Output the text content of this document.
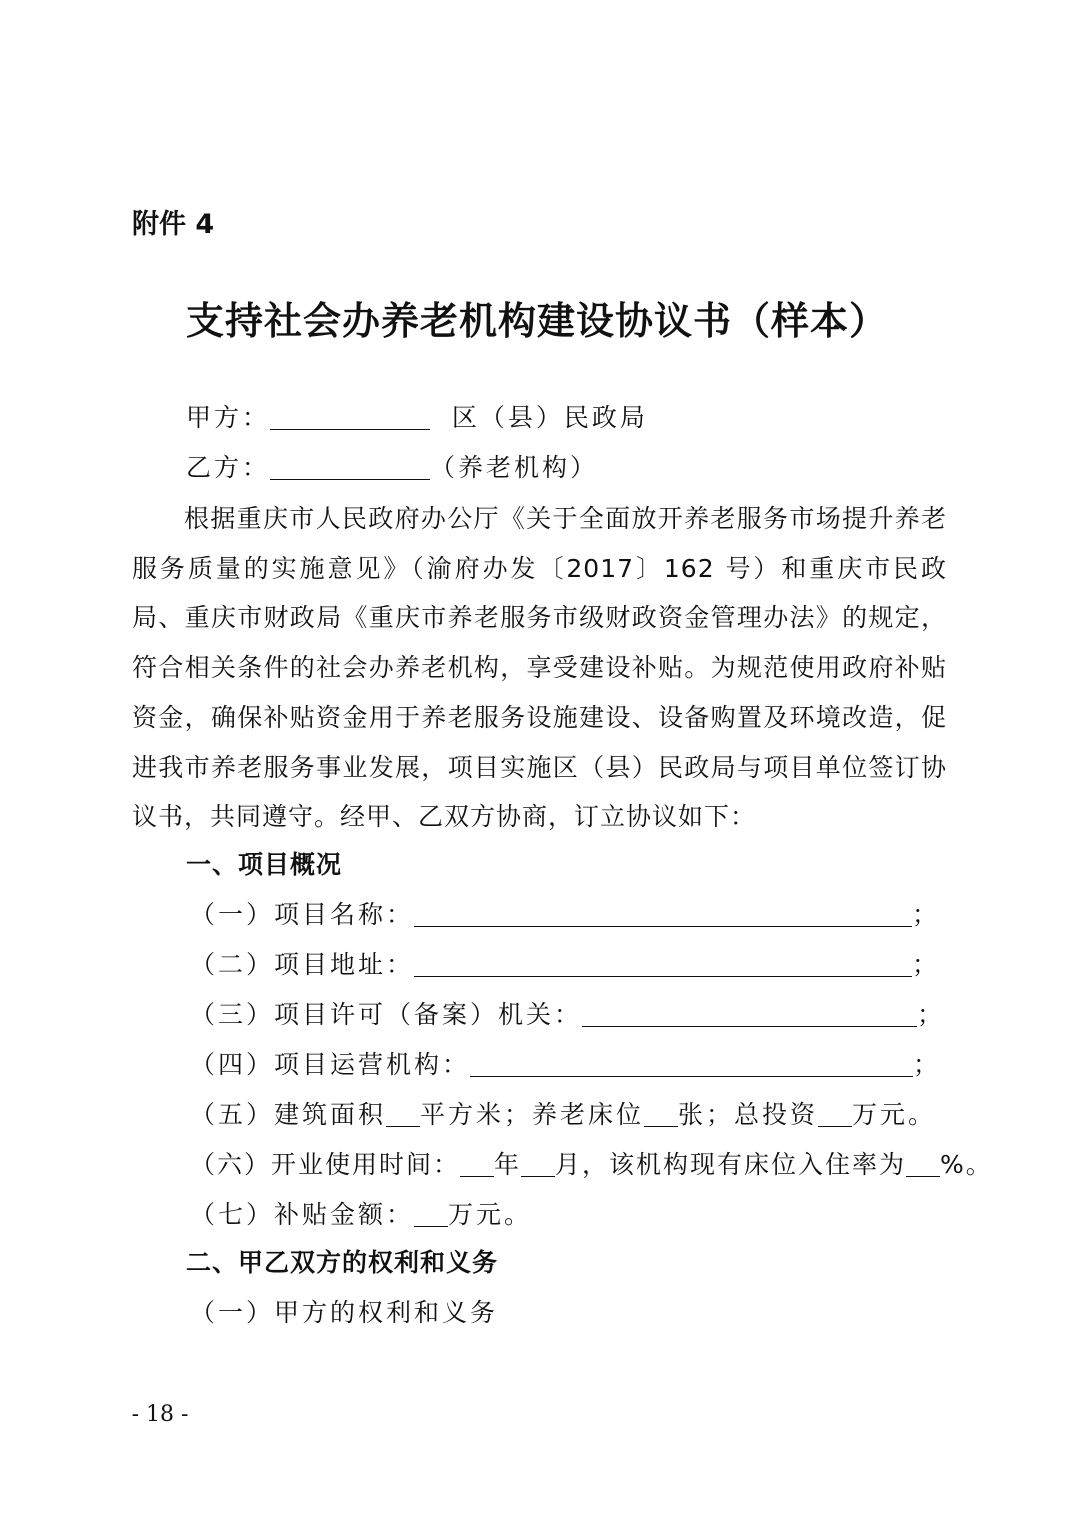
附件 4
支持社会办养老机构建设协议书（样本）
甲方：	区（县）民政局
乙方：	（养老机构）
根据重庆市人民政府办公厅《关于全面放开养老服务市场提升养老服务质量的实施意见》（渝府办发〔2017〕162 号）和重庆市民政局、重庆市财政局《重庆市养老服务市级财政资金管理办法》的规定，符合相关条件的社会办养老机构，享受建设补贴。为规范使用政府补贴资金，确保补贴资金用于养老服务设施建设、设备购置及环境改造，促进我市养老服务事业发展，项目实施区（县）民政局与项目单位签订协议书，共同遵守。经甲、乙双方协商，订立协议如下：
一、项目概况
（一）项目名称：	；
（二）项目地址：	；
（三）项目许可（备案）机关：	；
（四）项目运营机构：	；
（五）建筑面积 平方米；养老床位 张；总投资 万元。
（六）开业使用时间： 年 月，该机构现有床位入住率为 %。
（七）补贴金额： 万元。
二、甲乙双方的权利和义务
（一）甲方的权利和义务
- 18 -
